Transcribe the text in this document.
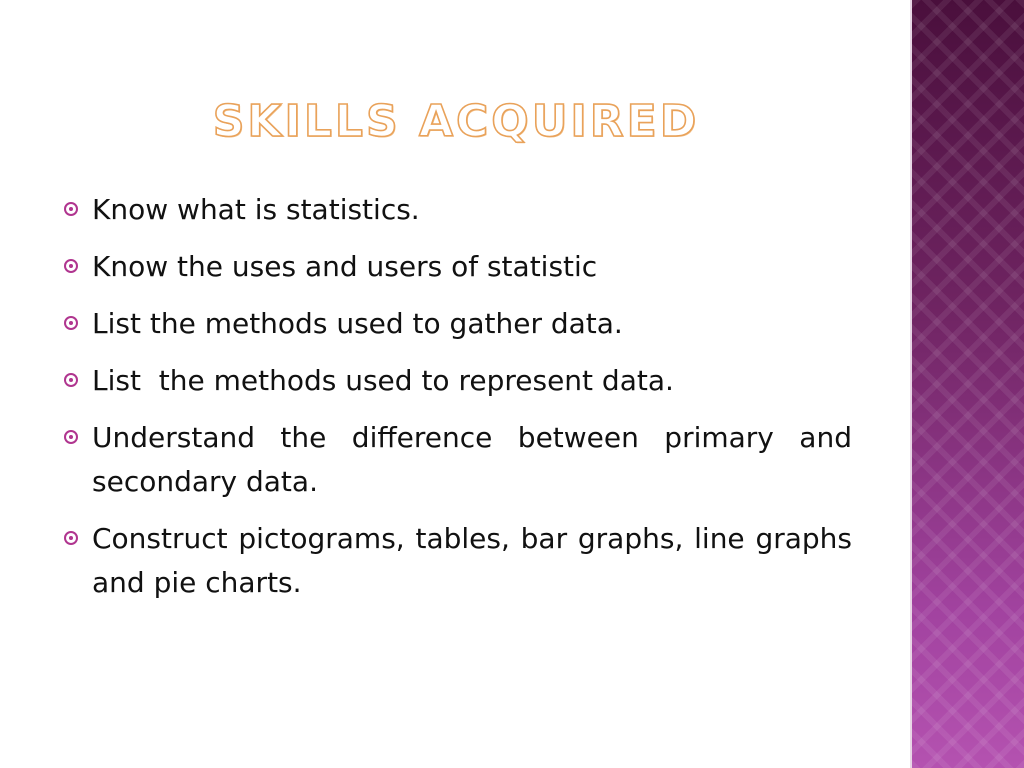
SKILLS ACQUIRED
Know what is statistics.
Know the uses and users of statistic
List the methods used to gather data.
List  the methods used to represent data.
Understand the difference between primary and secondary data.
Construct pictograms, tables, bar graphs, line graphs and pie charts.
